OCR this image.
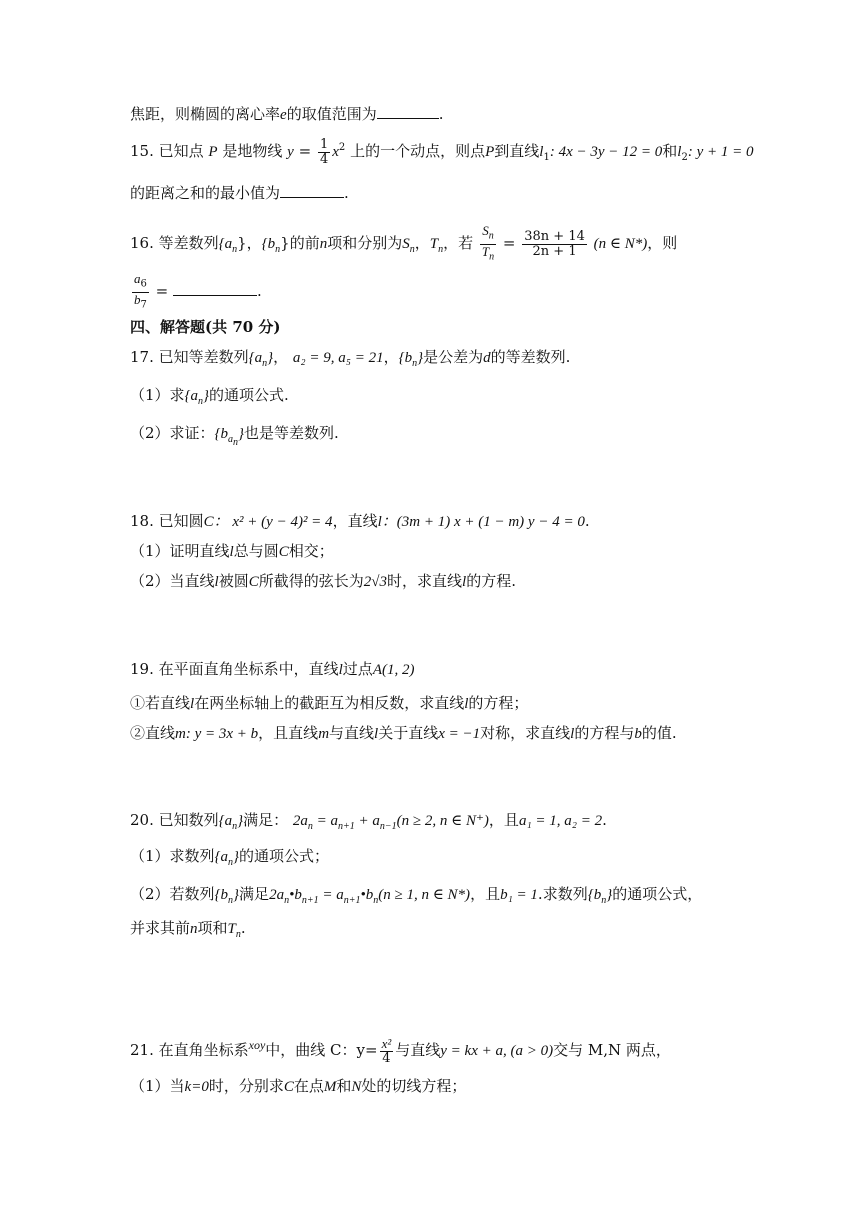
焦距，则椭圆的离心率e的取值范围为	.
15. 已知点 P 是地物线 $y = \frac{1}{4} x^2$ 上的一个动点，则点P到直线$l_1$: 4x − 3y − 12 = 0和$l_2$: y + 1 = 0
的距离之和的最小值为	.
16. 等差数列$\{a_n\}$，$\{b_n\}$的前n项和分别为$S_n$，$T_n$，若 $\frac{S_n}{T_n} = \frac{38n + 14}{2n + 1} (n$ ∈ N*)，则
$\frac{a_6}{b_7}$ =	.
四、解答题(共 70 分)
17. 已知等差数列$\{a_n\}$， a₂ = 9, a₅ = 21，$\{b_n\}$是公差为d的等差数列.
（1）求$\{a_n\}$的通项公式.
（2）求证：$\{b_{a_n}\}$也是等差数列.
18. 已知圆C： x² + (y − 4)² = 4，直线l：(3m + 1) x + (1 − m) y − 4 = 0.
（1）证明直线l总与圆C相交；
（2）当直线l被圆C所截得的弦长为2√3时，求直线l的方程.
19. 在平面直角坐标系中，直线l过点A(1, 2)
①若直线l在两坐标轴上的截距互为相反数，求直线l的方程；
②直线m: y = 3x + b，且直线m与直线l关于直线x = −1对称，求直线l的方程与b的值.
20. 已知数列$\{a_n\}$满足： $2a_n = a_{n+1} + a_{n-1}(n \ge 2$, n ∈ N⁺)，且a₁ = 1, a₂ = 2.
（1）求数列$\{a_n\}$的通项公式；
（2）若数列$\{b_n\}$满足$2a_n•b_{n+1}$ = $a_{n+1}•b_n(n \ge 1$, n ∈ N*)，且b₁ = 1.求数列$\{b_n\}$的通项公式，
并求其前n项和$T_n$.
21. 在直角坐标系$^{xoy}$中，曲线 C：$y= \frac{\text{x²}}{4}$ 与直线y = kx + a, (a > 0)交与 M,N 两点，
（1）当k=0时，分别求C在点M和N处的切线方程；
